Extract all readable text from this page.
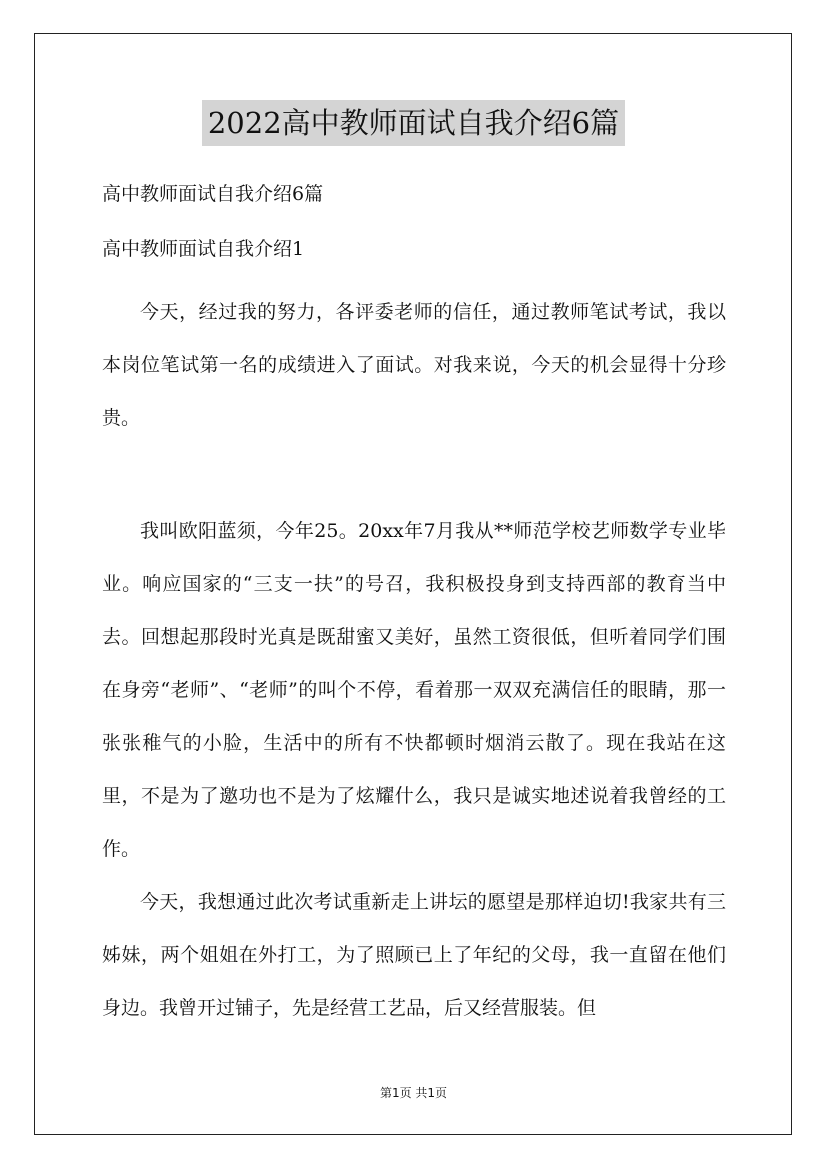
2022高中教师面试自我介绍6篇

高中教师面试自我介绍6篇

高中教师面试自我介绍1

今天，经过我的努力，各评委老师的信任，通过教师笔试考试，我以本岗位笔试第一名的成绩进入了面试。对我来说，今天的机会显得十分珍贵。

我叫欧阳蓝须，今年25。20xx年7月我从**师范学校艺师数学专业毕业。响应国家的“三支一扶”的号召，我积极投身到支持西部的教育当中去。回想起那段时光真是既甜蜜又美好，虽然工资很低，但听着同学们围在身旁“老师”、“老师”的叫个不停，看着那一双双充满信任的眼睛，那一张张稚气的小脸，生活中的所有不快都顿时烟消云散了。现在我站在这里，不是为了邀功也不是为了炫耀什么，我只是诚实地述说着我曾经的工作。

今天，我想通过此次考试重新走上讲坛的愿望是那样迫切!我家共有三姊妹，两个姐姐在外打工，为了照顾已上了年纪的父母，我一直留在他们身边。我曾开过铺子，先是经营工艺品，后又经营服装。但

第1页 共1页
